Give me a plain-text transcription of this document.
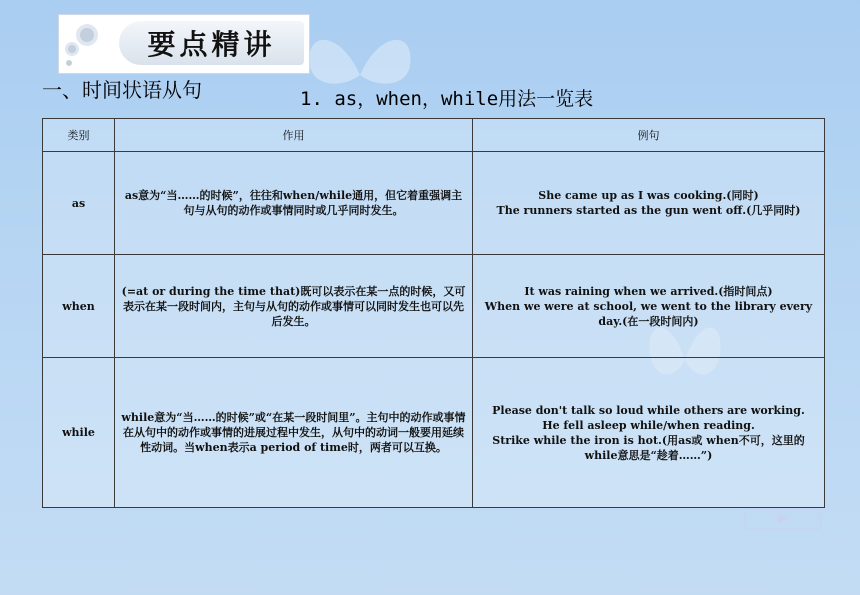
要点精讲
一、时间状语从句	1. as，when，while用法一览表
类别	作用	例句
as	as意为“当……的时候”，往往和when/while通用，但它着重强调主句与从句的动作或事情同时或几乎同时发生。	She came up as I was cooking.(同时)
The runners started as the gun went off.(几乎同时)

when	(=at or during the time that)既可以表示在某一点的时候，又可表示在某一段时间内，主句与从句的动作或事情可以同时发生也可以先后发生。	It was raining when we arrived.(指时间点)
When we were at school, we went to the library every day.(在一段时间内)

while	while意为“当……的时候”或“在某一段时间里”。主句中的动作或事情在从句中的动作或事情的进展过程中发生，从句中的动词一般要用延续性动词。当when表示a period of time时，两者可以互换。	Please don't talk so loud while others are working.
He fell asleep while/when reading.
Strike while the iron is hot.(用as或 when不可，这里的while意思是“趁着……”)
